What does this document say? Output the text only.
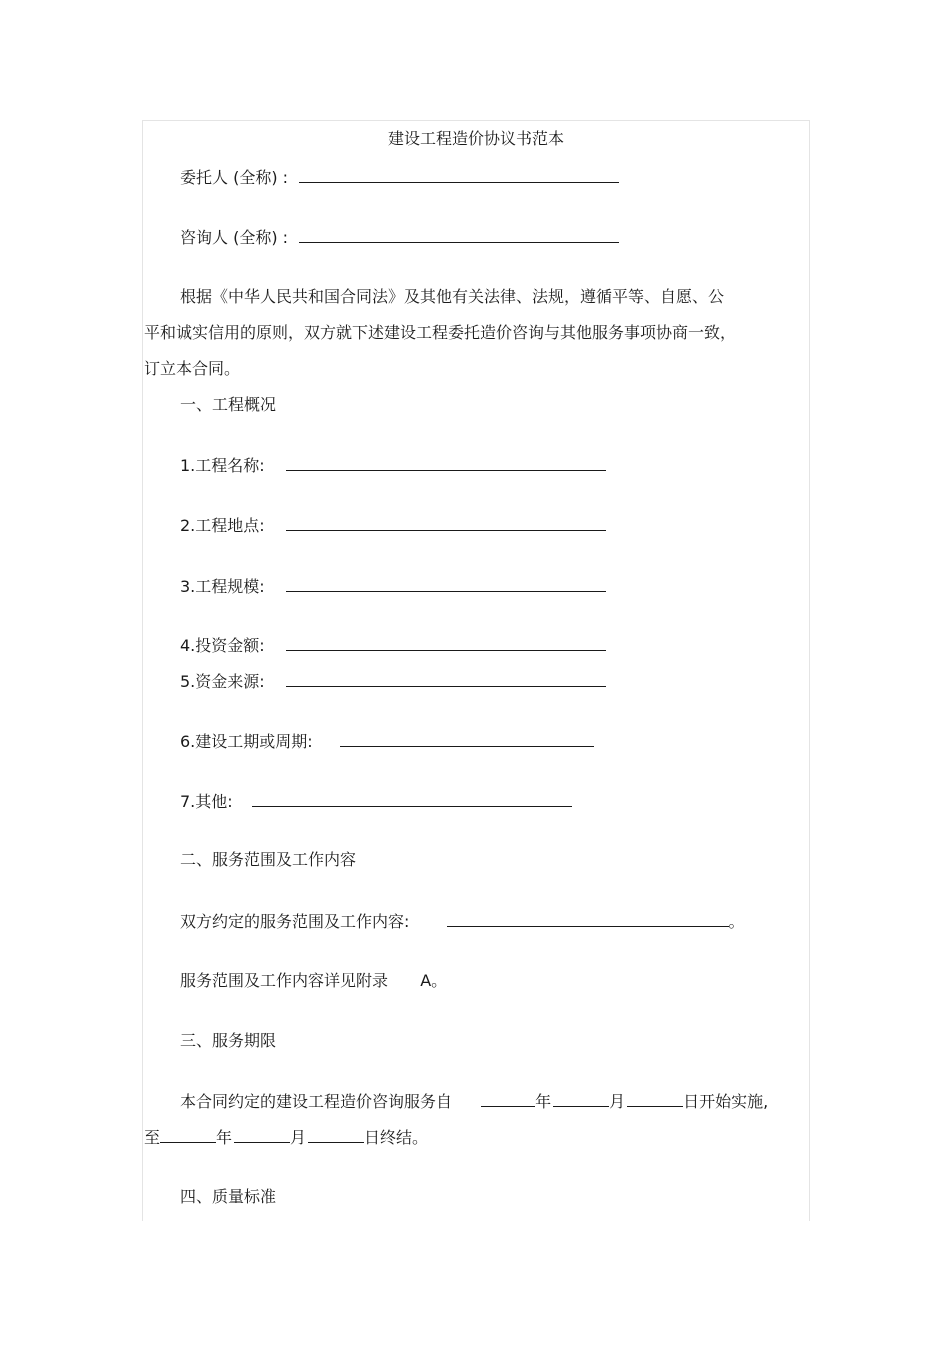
建设工程造价协议书范本
委托人 (全称) :
咨询人 (全称) :
根据《中华人民共和国合同法》及其他有关法律、法规，遵循平等、自愿、公
平和诚实信用的原则，双方就下述建设工程委托造价咨询与其他服务事项协商一致，
订立本合同。
一、工程概况
1.工程名称:
2.工程地点:
3.工程规模:
4.投资金额:
5.资金来源:
6.建设工期或周期:
7.其他:
二、服务范围及工作内容
双方约定的服务范围及工作内容:	。
服务范围及工作内容详见附录 A。
三、服务期限
本合同约定的建设工程造价咨询服务自	年	月	日开始实施,
至	年	月	日终结。
四、质量标准
